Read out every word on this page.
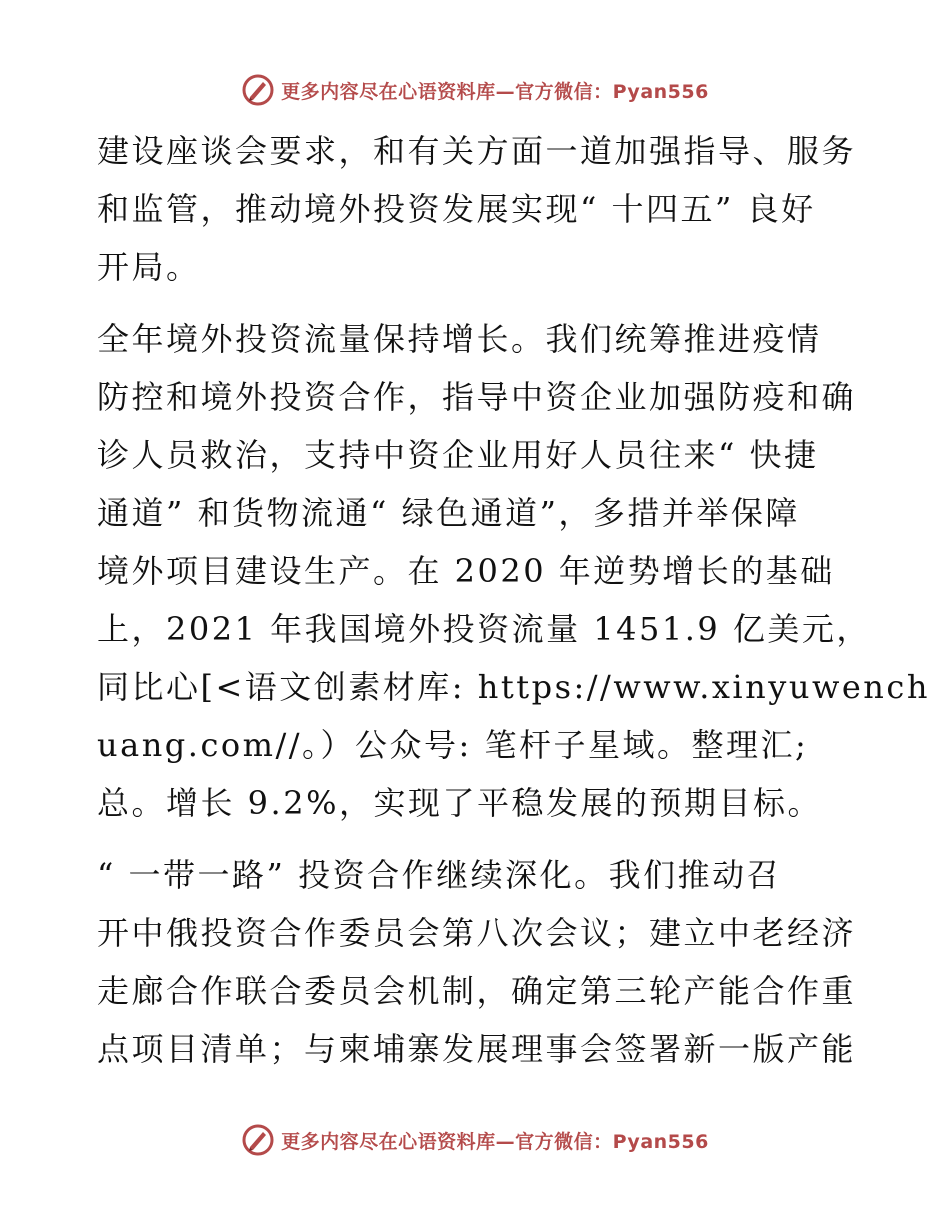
更多内容尽在心语资料库—官方微信：Pyan556

建设座谈会要求，和有关方面一道加强指导、服务
和监管，推动境外投资发展实现“ 十四五” 良好
开局。

全年境外投资流量保持增长。我们统筹推进疫情
防控和境外投资合作，指导中资企业加强防疫和确
诊人员救治，支持中资企业用好人员往来“ 快捷
通道” 和货物流通“ 绿色通道”，多措并举保障
境外项目建设生产。在 2020 年逆势增长的基础
上，2021 年我国境外投资流量 1451.9 亿美元，
同比心[<语文创素材库: https://www.xinyuwench
uang.com//。）公众号: 笔杆子星域。整理汇;
总。增长 9.2%，实现了平稳发展的预期目标。

“ 一带一路” 投资合作继续深化。我们推动召
开中俄投资合作委员会第八次会议；建立中老经济
走廊合作联合委员会机制，确定第三轮产能合作重
点项目清单；与柬埔寨发展理事会签署新一版产能

更多内容尽在心语资料库—官方微信：Pyan556
